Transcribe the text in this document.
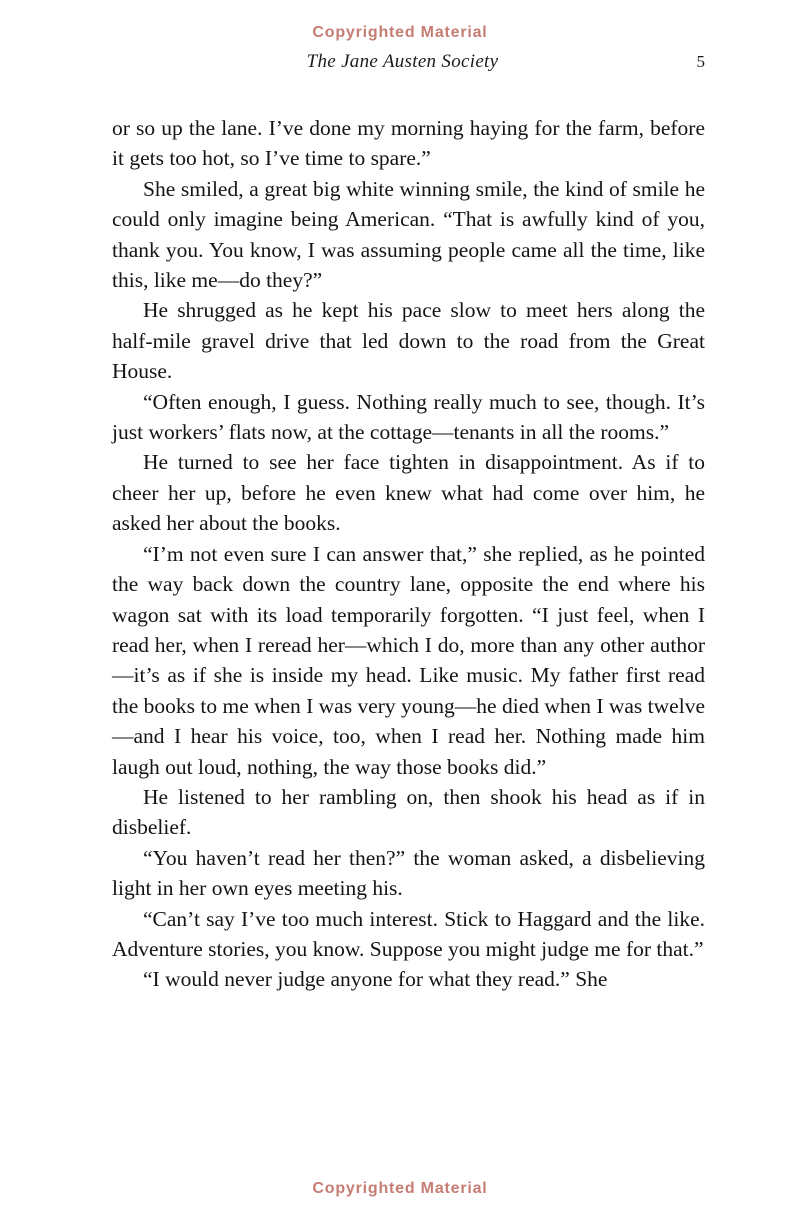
Copyrighted Material
The Jane Austen Society	5

or so up the lane. I’ve done my morning haying for the farm, before it gets too hot, so I’ve time to spare.”

She smiled, a great big white winning smile, the kind of smile he could only imagine being American. “That is awfully kind of you, thank you. You know, I was assuming people came all the time, like this, like me—do they?”

He shrugged as he kept his pace slow to meet hers along the half-mile gravel drive that led down to the road from the Great House.

“Often enough, I guess. Nothing really much to see, though. It’s just workers’ flats now, at the cottage—tenants in all the rooms.”

He turned to see her face tighten in disappointment. As if to cheer her up, before he even knew what had come over him, he asked her about the books.

“I’m not even sure I can answer that,” she replied, as he pointed the way back down the country lane, opposite the end where his wagon sat with its load temporarily forgotten. “I just feel, when I read her, when I reread her—which I do, more than any other author—it’s as if she is inside my head. Like music. My father first read the books to me when I was very young—he died when I was twelve—and I hear his voice, too, when I read her. Nothing made him laugh out loud, nothing, the way those books did.”

He listened to her rambling on, then shook his head as if in disbelief.

“You haven’t read her then?” the woman asked, a disbelieving light in her own eyes meeting his.

“Can’t say I’ve too much interest. Stick to Haggard and the like. Adventure stories, you know. Suppose you might judge me for that.”

“I would never judge anyone for what they read.” She

Copyrighted Material
